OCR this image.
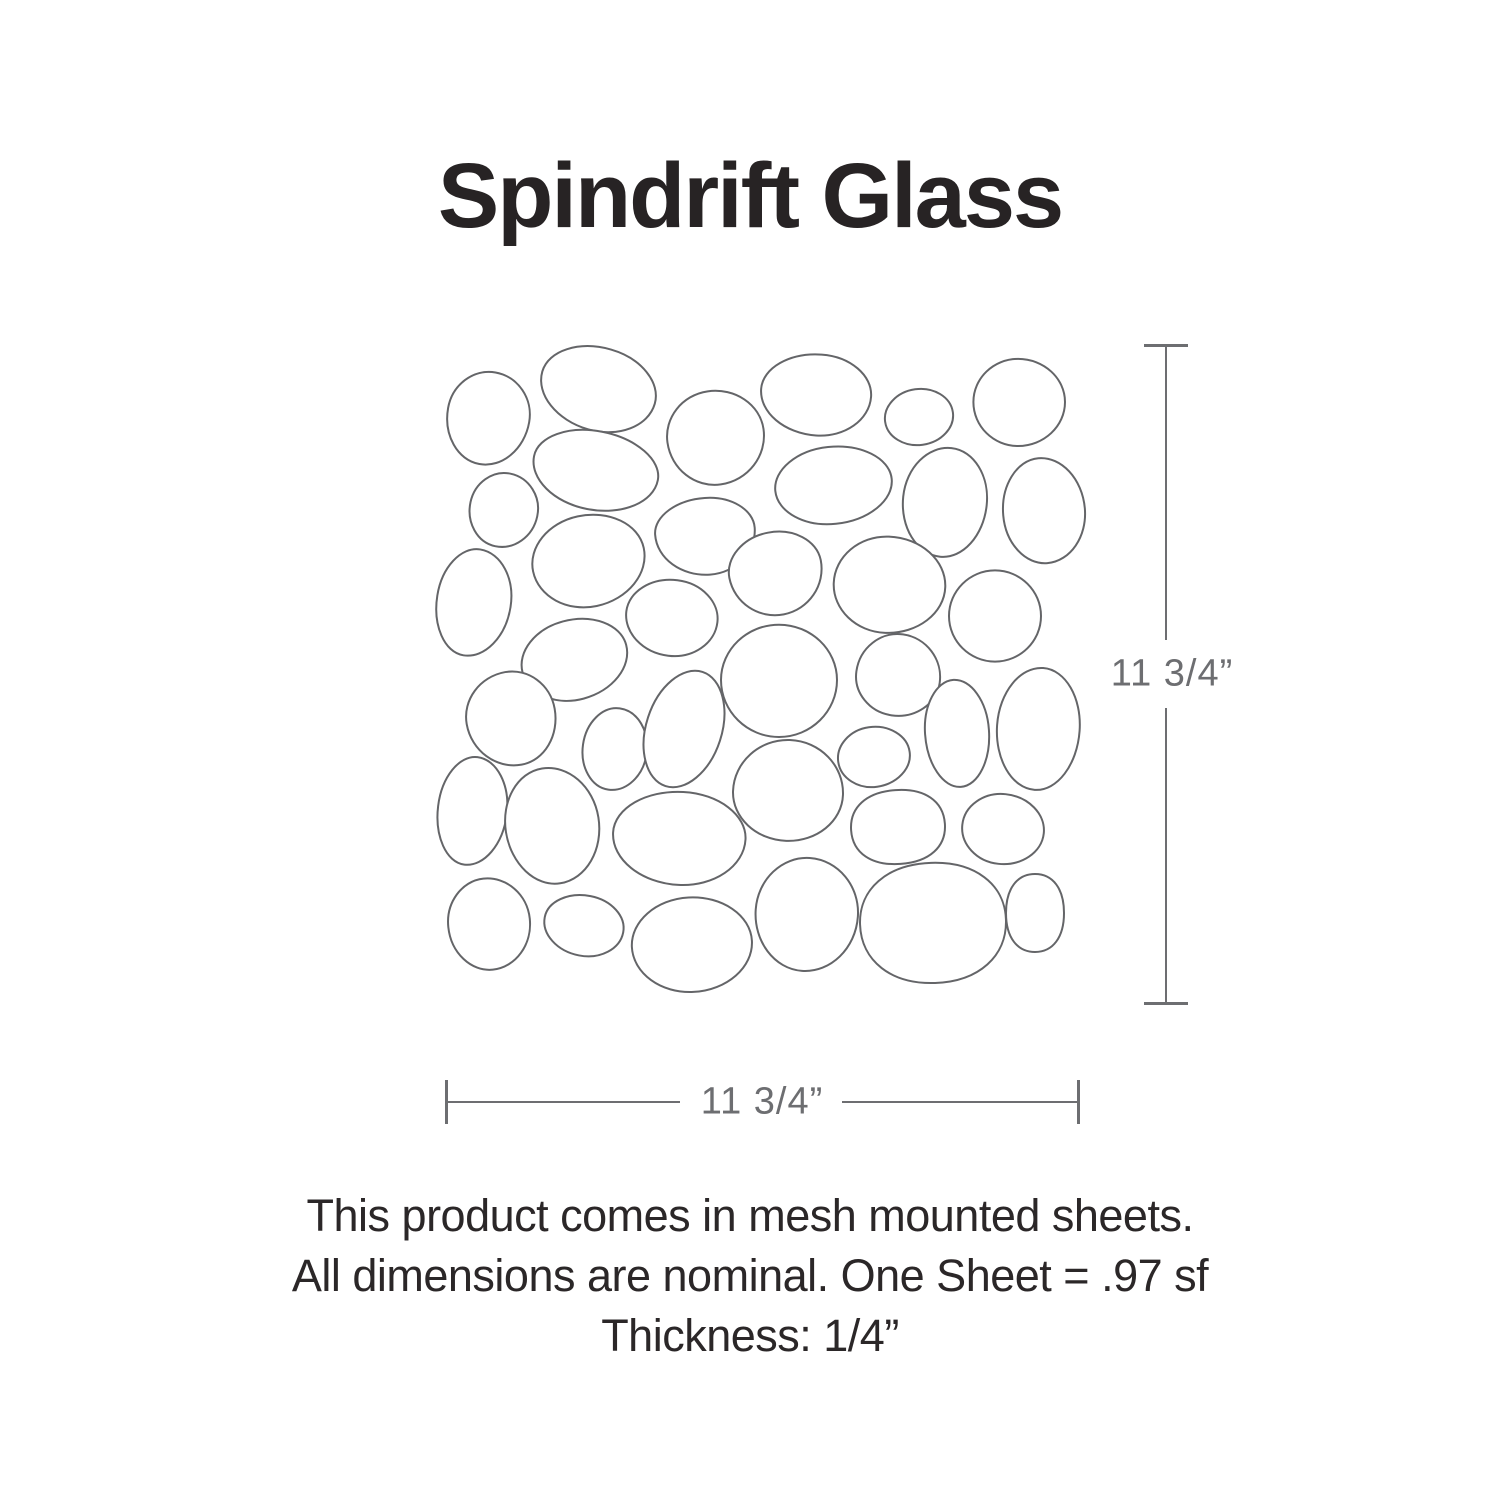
Spindrift Glass
11 3/4”
11 3/4”

This product comes in mesh mounted sheets.

All dimensions are nominal. One Sheet = .97 sf

Thickness: 1/4”
